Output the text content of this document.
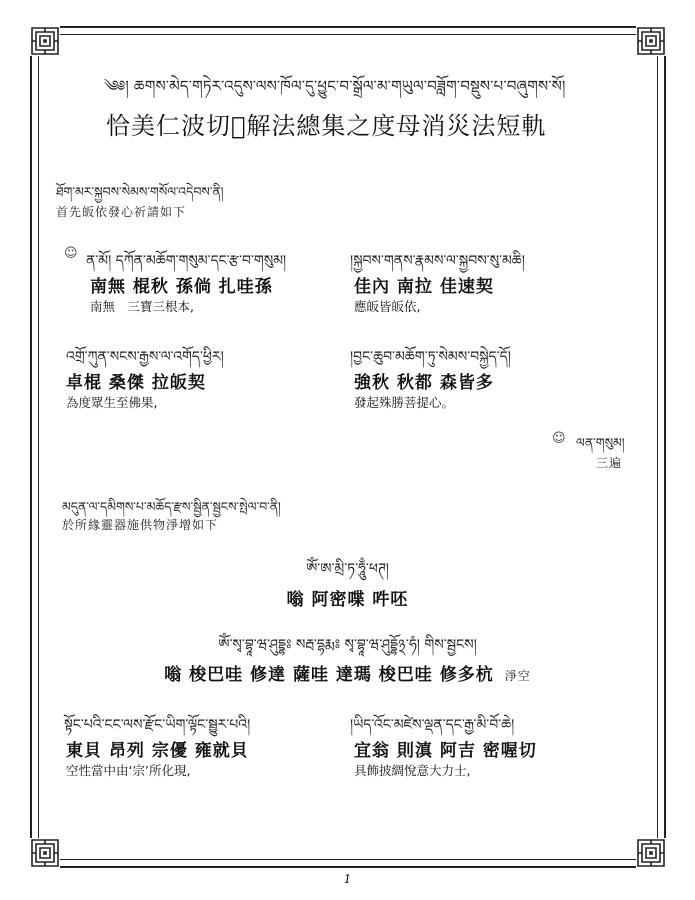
༄༅། ཆགས་མེད་གཏེར་འདུས་ལས་ཁོལ་དུ་ཕྱུང་བ་སྒྲོལ་མ་གཡུལ་བཟློག་བསྡུས་པ་བཞུགས་སོ།
恰美仁波切𧝥解法總集之度母消災法短軌
ཐོག་མར་སྐྱབས་སེམས་གསོལ་འདེབས་ནི།
首先皈依發心祈請如下
☺ ན་མོ། དཀོན་མཆོག་གསུམ་དང་རྩ་བ་གསུམ།
南無 棍秋 孫倘 扎哇孫
南無　三寶三根本,
།སྐྱབས་གནས་རྣམས་ལ་སྐྱབས་སུ་མཆི།
佳內 南拉 佳速契
應皈皆皈依,
འགྲོ་ཀུན་སངས་རྒྱས་ལ་འགོད་ཕྱིར།
卓棍 桑傑 拉皈契
為度眾生至佛果,
།བྱང་ཆུབ་མཆོག་ཏུ་སེམས་བསྐྱེད་དོ།
強秋 秋都 森皆多
發起殊勝菩提心。
☺ ལན་གསུམ།
三遍
མདུན་ལ་དམིགས་པ་མཆོད་རྫས་སྦྱིན་སྦྱངས་སྤེལ་བ་ནི།
於所緣靈器施供物淨增如下
ཨོཾ་ཨ་མྲི་ཏ་ཧཱུྃ་ཕཊ།
嗡 阿密喋 吽呸
ཨོཾ་སྭ་བྷཱ་ཝ་ཤུདྡྷཿ སརྦ་དྷརྨཿ སྭ་བྷཱ་ཝ་ཤུདྡྷོ྅་ཧཾ། གིས་སྦྱངས།
嗡 梭巴哇 修達 薩哇 達瑪 梭巴哇 修多杭 淨空
སྟོང་པའི་ངང་ལས་རྫོང་ཡིག་ལྟོང་སྦྱུར་པའི།
東貝 昂列 宗優 雍就貝
空性當中由‘宗’所化現,
།ཡིད་འོང་མཛེས་ལྡན་དང་རྒྱ་མི་བོ་ཆེ།
宜翁 則滇 阿吉 密喔切
具飾披綢悅意大力士,
1
